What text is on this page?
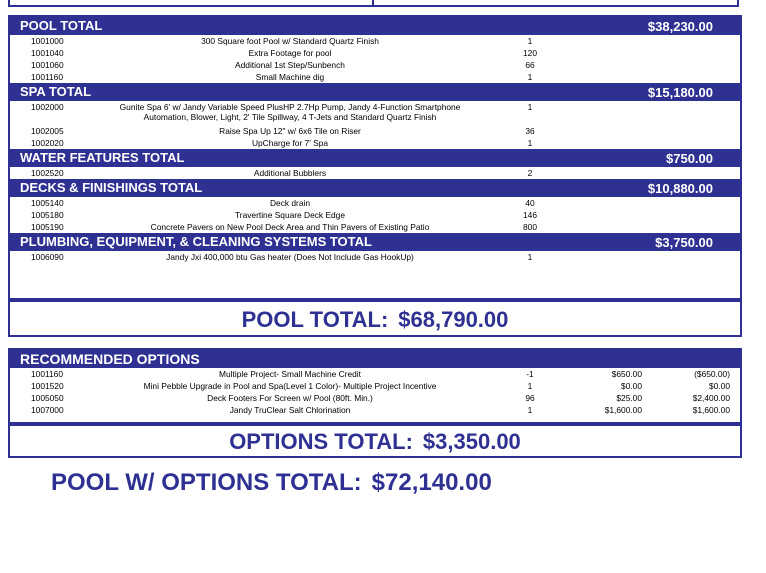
POOL TOTAL	$38,230.00
1001000	300 Square foot Pool w/ Standard Quartz Finish	1
1001040	Extra Footage for pool	120
1001060	Additional 1st Step/Sunbench	66
1001160	Small Machine dig	1
SPA TOTAL	$15,180.00
1002000	Gunite Spa 6' w/ Jandy Variable Speed PlusHP 2.7Hp Pump, Jandy 4-Function Smartphone
Automation, Blower, Light, 2' Tile Spillway, 4 T-Jets and Standard Quartz Finish
1
1002005	Raise Spa Up 12" w/ 6x6 Tile on Riser	36
1002020	UpCharge for 7' Spa	1
WATER FEATURES TOTAL	$750.00
1002520	Additional Bubblers	2
DECKS & FINISHINGS TOTAL	$10,880.00
1005140	Deck drain	40
1005180	Travertine Square Deck Edge	146
1005190	Concrete Pavers on New Pool Deck Area and Thin Pavers of Existing Patio	800
PLUMBING, EQUIPMENT, & CLEANING SYSTEMS TOTAL	$3,750.00
1006090	Jandy Jxi 400,000 btu Gas heater (Does Not Include Gas HookUp)	1
POOL TOTAL: $68,790.00
RECOMMENDED OPTIONS
1001160	Multiple Project- Small Machine Credit	-1	$650.00	($650.00)
1001520	Mini Pebble Upgrade in Pool and Spa(Level 1 Color)- Multiple Project Incentive	1	$0.00	$0.00
1005050	Deck Footers For Screen w/ Pool (80ft. Min.)	96	$25.00	$2,400.00
1007000	Jandy TruClear Salt Chlorination	1	$1,600.00	$1,600.00
OPTIONS TOTAL: $3,350.00
POOL W/ OPTIONS TOTAL: $72,140.00
